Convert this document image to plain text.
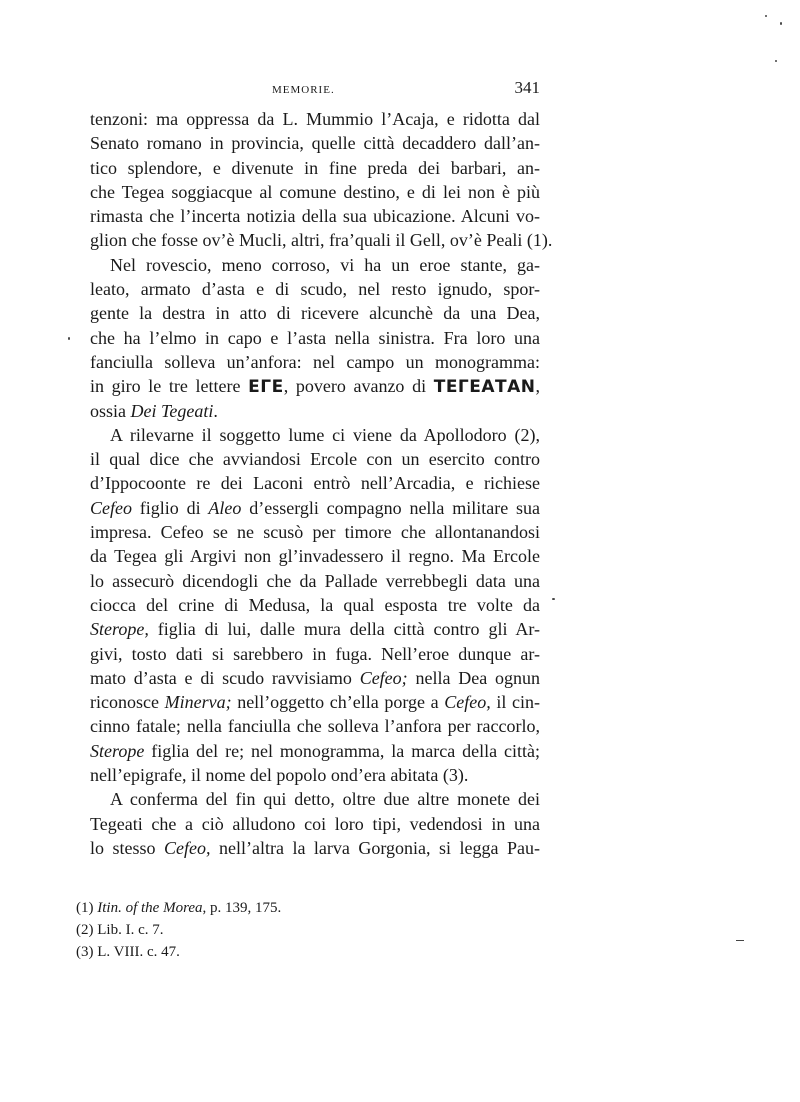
MEMORIE.	341
tenzoni: ma oppressa da L. Mummio l’Acaja, e ridotta dal
Senato romano in provincia, quelle città decaddero dall’an-
tico splendore, e divenute in fine preda dei barbari, an-
che Tegea soggiacque al comune destino, e di lei non è più
rimasta che l’incerta notizia della sua ubicazione. Alcuni vo-
glion che fosse ov’è Mucli, altri, fra’quali il Gell, ov’è Peali (1).
Nel rovescio, meno corroso, vi ha un eroe stante, ga-
leato, armato d’asta e di scudo, nel resto ignudo, spor-
gente la destra in atto di ricevere alcunchè da una Dea,
che ha l’elmo in capo e l’asta nella sinistra. Fra loro una
fanciulla solleva un’anfora: nel campo un monogramma:
in giro le tre lettere ΕΓΕ, povero avanzo di ΤΕΓΕΑΤΑΝ,
ossia Dei Tegeati.
A rilevarne il soggetto lume ci viene da Apollodoro (2),
il qual dice che avviandosi Ercole con un esercito contro
d’Ippocoonte re dei Laconi entrò nell’Arcadia, e richiese
Cefeo figlio di Aleo d’essergli compagno nella militare sua
impresa. Cefeo se ne scusò per timore che allontanandosi
da Tegea gli Argivi non gl’invadessero il regno. Ma Ercole
lo assecurò dicendogli che da Pallade verrebbegli data una
ciocca del crine di Medusa, la qual esposta tre volte da
Sterope, figlia di lui, dalle mura della città contro gli Ar-
givi, tosto dati si sarebbero in fuga. Nell’eroe dunque ar-
mato d’asta e di scudo ravvisiamo Cefeo; nella Dea ognun
riconosce Minerva; nell’oggetto ch’ella porge a Cefeo, il cin-
cinno fatale; nella fanciulla che solleva l’anfora per raccorlo,
Sterope figlia del re; nel monogramma, la marca della città;
nell’epigrafe, il nome del popolo ond’era abitata (3).
A conferma del fin qui detto, oltre due altre monete dei
Tegeati che a ciò alludono coi loro tipi, vedendosi in una
lo stesso Cefeo, nell’altra la larva Gorgonia, si legga Pau-
(1) Itin. of the Morea, p. 139, 175.
(2) Lib. I. c. 7.
(3) L. VIII. c. 47.
